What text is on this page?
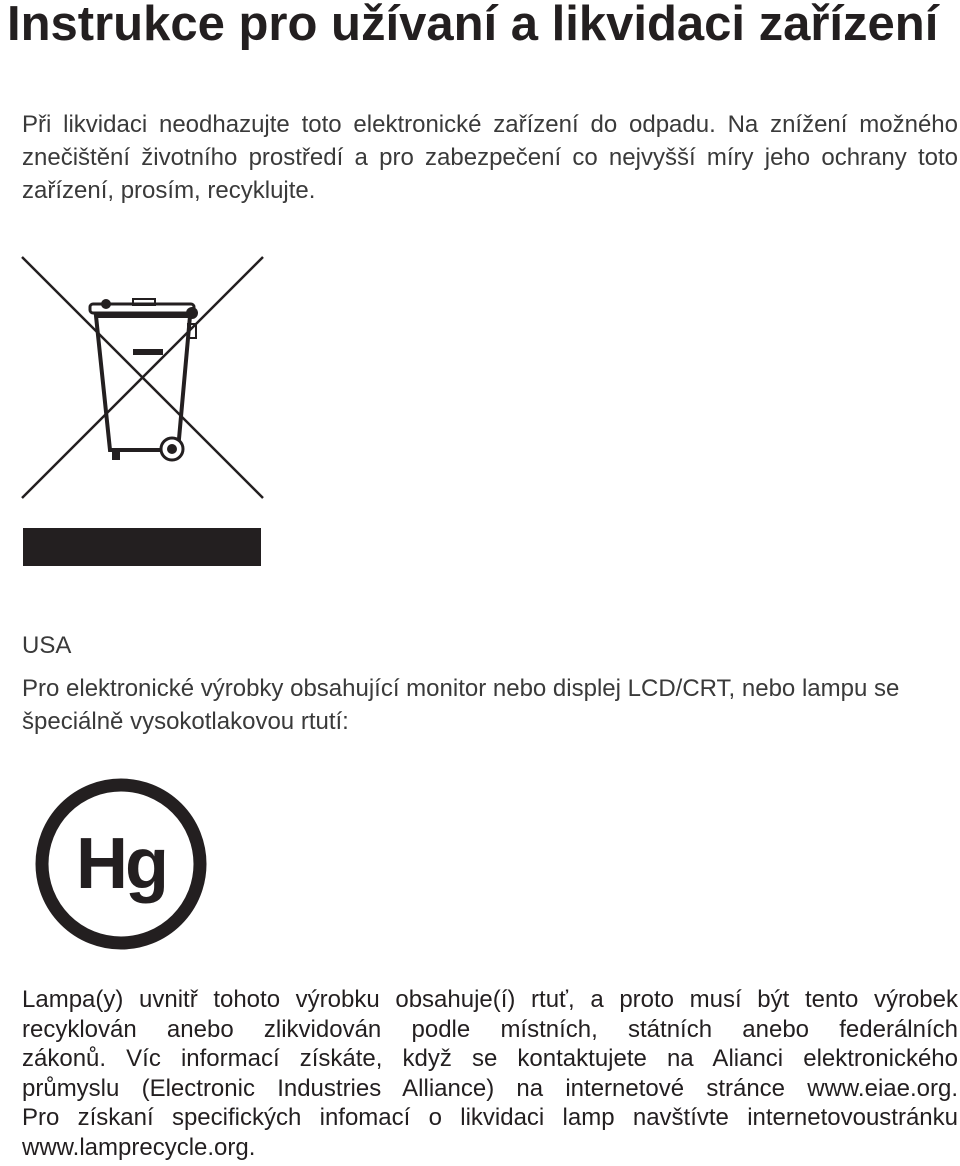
Instrukce pro užívaní a likvidaci zařízení

Při likvidaci neodhazujte toto elektronické zařízení do odpadu. Na znížení možného znečištění životního prostředí a pro zabezpečení co nejvyšší míry jeho ochrany toto zařízení, prosím, recyklujte.

USA

Pro elektronické výrobky obsahující monitor nebo displej LCD/CRT, nebo lampu se špeciálně vysokotlakovou rtutí:

Hg
Lampa(y) uvnitř tohoto výrobku obsahuje(í) rtuť, a proto musí být tento výrobek
recyklován anebo zlikvidován podle místních, státních anebo federálních
zákonů. Víc informací získáte, když se kontaktujete na Alianci elektronického
průmyslu (Electronic Industries Alliance) na internetové stránce www.eiae.org.
Pro získaní specifických infomací o likvidaci lamp navštívte internetovoustránku
www.lamprecycle.org.
